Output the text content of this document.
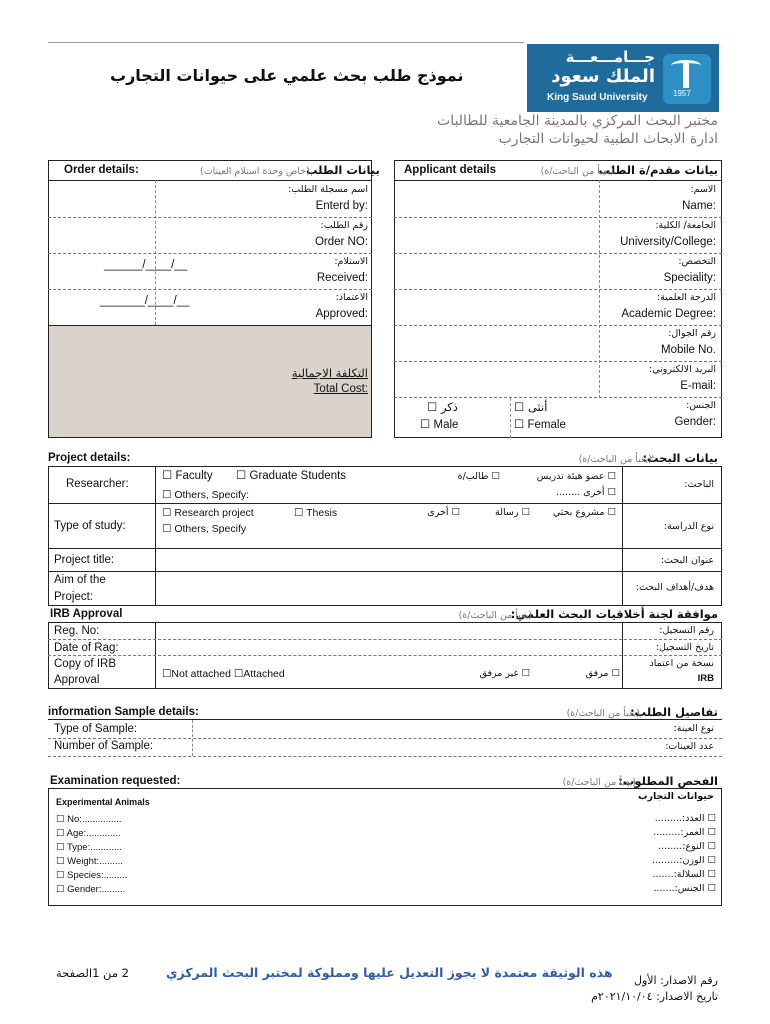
نموذج طلب بحث علمي على حيوانات التجارب
جـــامـــعـــة
الملك سعود
King Saud University	1957
مختبر البحث المركزي بالمدينة الجامعية للطالبات
ادارة الابحاث الطبية لحيوانات التجارب
Order details:	بيانات الطلب
(خاص وحدة استلام العينات)
اسم مسجلة الطلب:
Enterd by:
رقم الطلب:
Order NO:
الاستلام:
Received:
______/____/__
الاعتماد:
Approved:
_______/____/__
التكلفة الاجمالية
Total Cost:
Applicant details	بيانات مقدم/ة الطلب
(يعبأ من الباحث/ة)
الاسم:
Name:
الجامعة/ الكلية:
University/College:
التخصص:
Speciality:
الدرجة العلمية:
Academic Degree:
رقم الجوال:
Mobile No.
البريد الالكتروني:
E-mail:
الجنس:
Gender:
ذكر ☐
☐ Male
أنثى ☐
☐ Female
Project details:	بيانات البحث:
(يعبأ من الباحث/ة)
Researcher:	الباحث:
☐ Faculty ☐ Graduate Students
☐ Others, Specify:
☐ عضو هيئة تدريس
☐ طالب/ة
☐ أخرى ........
Type of study:	نوع الدراسة:
☐ Research project	☐ Thesis
☐ Others, Specify
☐ مشروع بحثي
☐ رسالة
☐ أخرى
Project title:	عنوان البحث:
Aim of the
Project:
هدف/أهداف البحث:
IRB Approval	موافقة لجنة أخلاقيات البحث العلمي:
(يعبأ من الباحث/ة)
Reg. No:	رقم التسجيل:
Date of Rag:	تاريخ التسجيل:
Copy of IRB
Approval
نسخة من اعتماد
IRB
☐Not attached ☐Attached	☐ مرفق
☐ غير مرفق
information Sample details:	تفاصيل الطلب:
(يعبأ من الباحث/ة)
Type of Sample:	نوع العينة:
Number of Sample:	عدد العينات:
Examination requested:	الفحص المطلوب:
(يعبأ من الباحث/ة)
Experimental Animals	حيوانات التجارب
☐ No:...............
☐ Age:.............
☐ Type:............
☐ Weight:.........
☐ Species:.........
☐ Gender:.........
☐ العدد:.........
☐ العمر:.........
☐ النوع:........
☐ الوزن:.........
☐ السلالة:.......
☐ الجنس:.......
هذه الوثيقة معتمدة لا يجوز التعديل عليها ومملوكة لمختبر البحث المركزي
2 من 1الصفحة
رقم الاصدار: الأول
تاريخ الاصدار: ٢٠٢١/١٠/٠٤م
